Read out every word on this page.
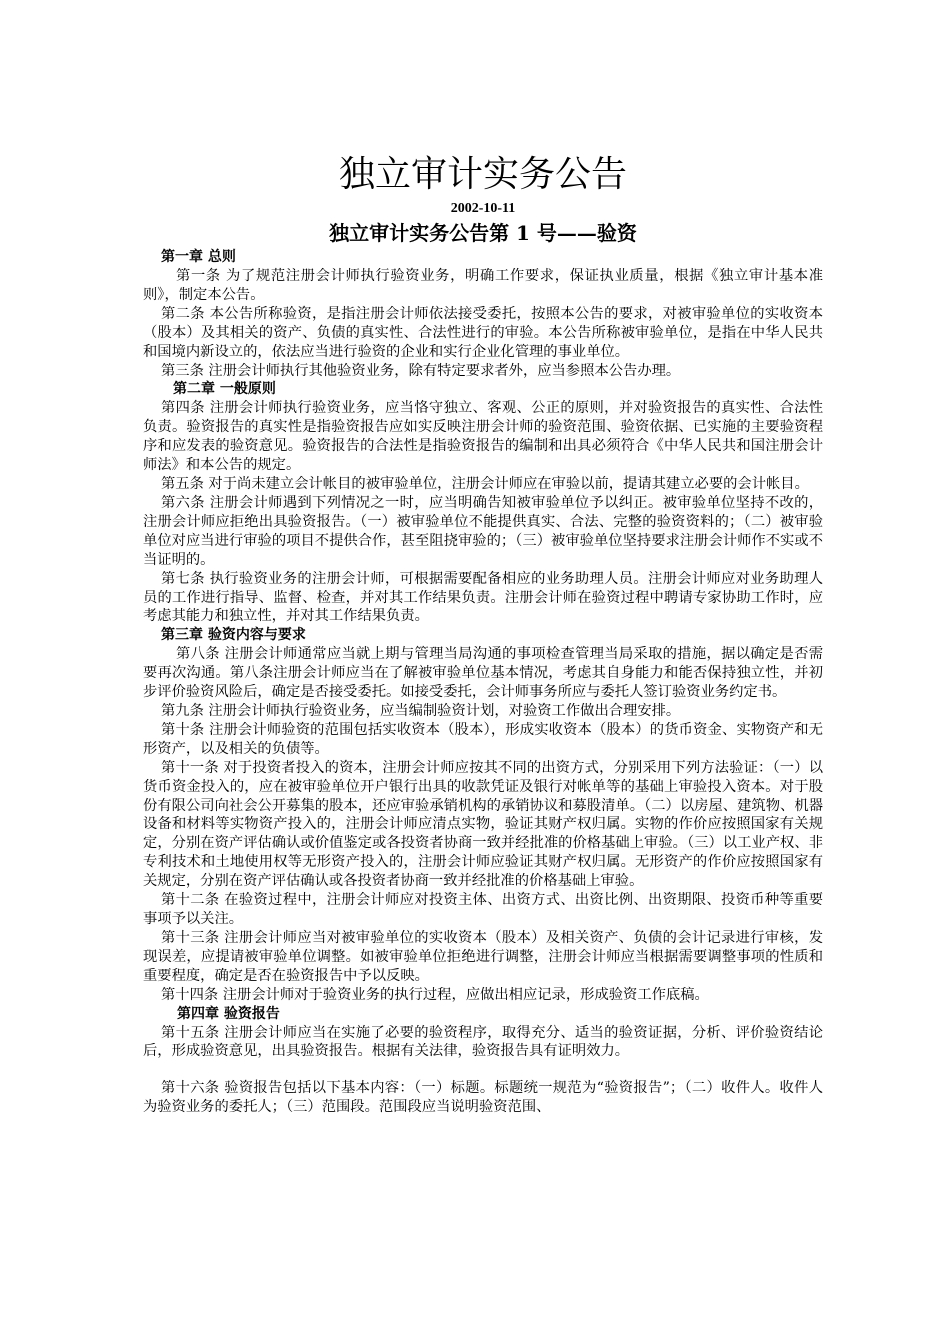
独立审计实务公告

2002-10-11

独立审计实务公告第 1 号——验资

第一章 总则

第一条 为了规范注册会计师执行验资业务，明确工作要求，保证执业质量，根据《独立审计基本准则》，制定本公告。

第二条 本公告所称验资，是指注册会计师依法接受委托，按照本公告的要求，对被审验单位的实收资本（股本）及其相关的资产、负债的真实性、合法性进行的审验。本公告所称被审验单位，是指在中华人民共和国境内新设立的，依法应当进行验资的企业和实行企业化管理的事业单位。

第三条 注册会计师执行其他验资业务，除有特定要求者外，应当参照本公告办理。

第二章 一般原则

第四条 注册会计师执行验资业务，应当恪守独立、客观、公正的原则，并对验资报告的真实性、合法性负责。验资报告的真实性是指验资报告应如实反映注册会计师的验资范围、验资依据、已实施的主要验资程序和应发表的验资意见。验资报告的合法性是指验资报告的编制和出具必须符合《中华人民共和国注册会计师法》和本公告的规定。

第五条 对于尚未建立会计帐目的被审验单位，注册会计师应在审验以前，提请其建立必要的会计帐目。

第六条 注册会计师遇到下列情况之一时，应当明确告知被审验单位予以纠正。被审验单位坚持不改的，注册会计师应拒绝出具验资报告。（一）被审验单位不能提供真实、合法、完整的验资资料的；（二）被审验单位对应当进行审验的项目不提供合作，甚至阻挠审验的；（三）被审验单位坚持要求注册会计师作不实或不当证明的。

第七条 执行验资业务的注册会计师，可根据需要配备相应的业务助理人员。注册会计师应对业务助理人员的工作进行指导、监督、检查，并对其工作结果负责。注册会计师在验资过程中聘请专家协助工作时，应考虑其能力和独立性，并对其工作结果负责。

第三章 验资内容与要求

第八条 注册会计师通常应当就上期与管理当局沟通的事项检查管理当局采取的措施，据以确定是否需要再次沟通。第八条注册会计师应当在了解被审验单位基本情况，考虑其自身能力和能否保持独立性，并初步评价验资风险后，确定是否接受委托。如接受委托，会计师事务所应与委托人签订验资业务约定书。

第九条 注册会计师执行验资业务，应当编制验资计划，对验资工作做出合理安排。

第十条 注册会计师验资的范围包括实收资本（股本），形成实收资本（股本）的货币资金、实物资产和无形资产，以及相关的负债等。

第十一条 对于投资者投入的资本，注册会计师应按其不同的出资方式，分别采用下列方法验证：（一）以货币资金投入的，应在被审验单位开户银行出具的收款凭证及银行对帐单等的基础上审验投入资本。对于股份有限公司向社会公开募集的股本，还应审验承销机构的承销协议和募股清单。（二）以房屋、建筑物、机器设备和材料等实物资产投入的，注册会计师应清点实物，验证其财产权归属。实物的作价应按照国家有关规定，分别在资产评估确认或价值鉴定或各投资者协商一致并经批准的价格基础上审验。（三）以工业产权、非专利技术和土地使用权等无形资产投入的，注册会计师应验证其财产权归属。无形资产的作价应按照国家有关规定，分别在资产评估确认或各投资者协商一致并经批准的价格基础上审验。

第十二条 在验资过程中，注册会计师应对投资主体、出资方式、出资比例、出资期限、投资币种等重要事项予以关注。

第十三条 注册会计师应当对被审验单位的实收资本（股本）及相关资产、负债的会计记录进行审核，发现误差，应提请被审验单位调整。如被审验单位拒绝进行调整，注册会计师应当根据需要调整事项的性质和重要程度，确定是否在验资报告中予以反映。

第十四条 注册会计师对于验资业务的执行过程，应做出相应记录，形成验资工作底稿。

第四章 验资报告

第十五条 注册会计师应当在实施了必要的验资程序，取得充分、适当的验资证据，分析、评价验资结论后，形成验资意见，出具验资报告。根据有关法律，验资报告具有证明效力。

第十六条 验资报告包括以下基本内容：（一）标题。标题统一规范为“验资报告”；（二）收件人。收件人为验资业务的委托人；（三）范围段。范围段应当说明验资范围、
